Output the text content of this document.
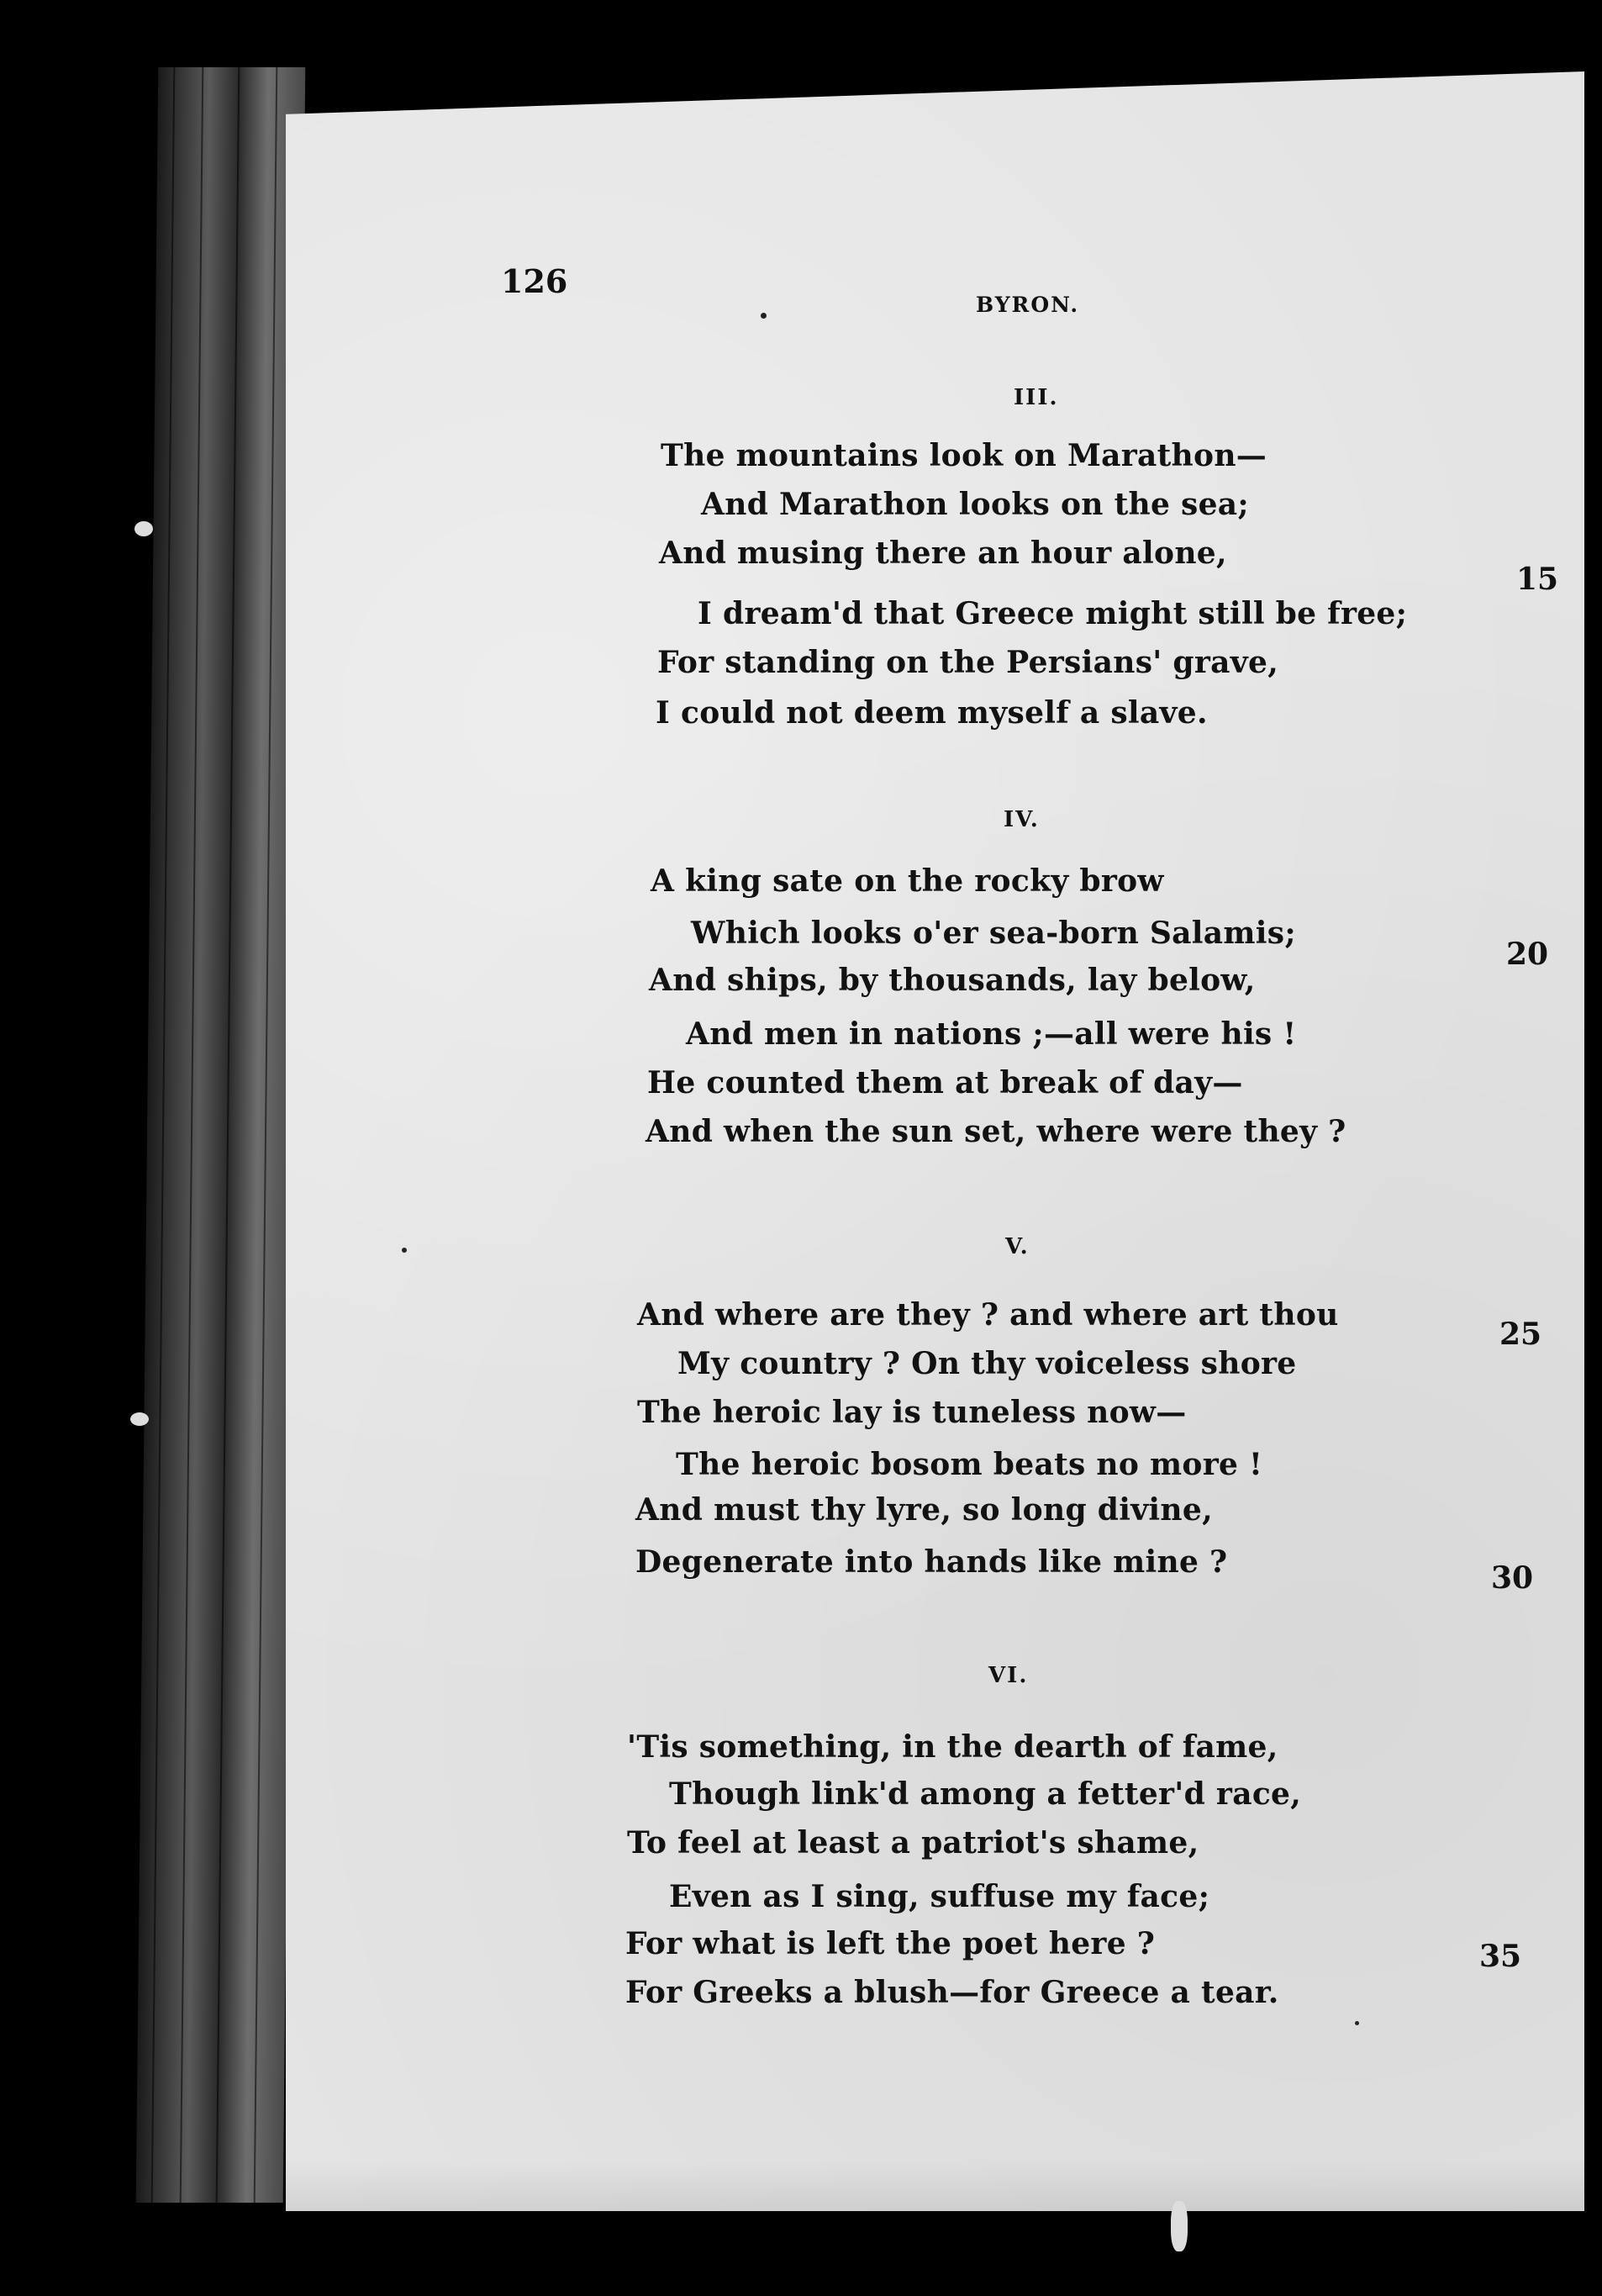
126
BYRON.
III.
The mountains look on Marathon—
And Marathon looks on the sea;
And musing there an hour alone,
I dream'd that Greece might still be free;
For standing on the Persians' grave,
I could not deem myself a slave.
IV.
A king sate on the rocky brow
Which looks o'er sea-born Salamis;
And ships, by thousands, lay below,
And men in nations ;—all were his !
He counted them at break of day—
And when the sun set, where were they ?
V.
And where are they ? and where art thou
My country ? On thy voiceless shore
The heroic lay is tuneless now—
The heroic bosom beats no more !
And must thy lyre, so long divine,
Degenerate into hands like mine ?
VI.
'Tis something, in the dearth of fame,
Though link'd among a fetter'd race,
To feel at least a patriot's shame,
Even as I sing, suffuse my face;
For what is left the poet here ?
For Greeks a blush—for Greece a tear.
15
20
25
30
35
